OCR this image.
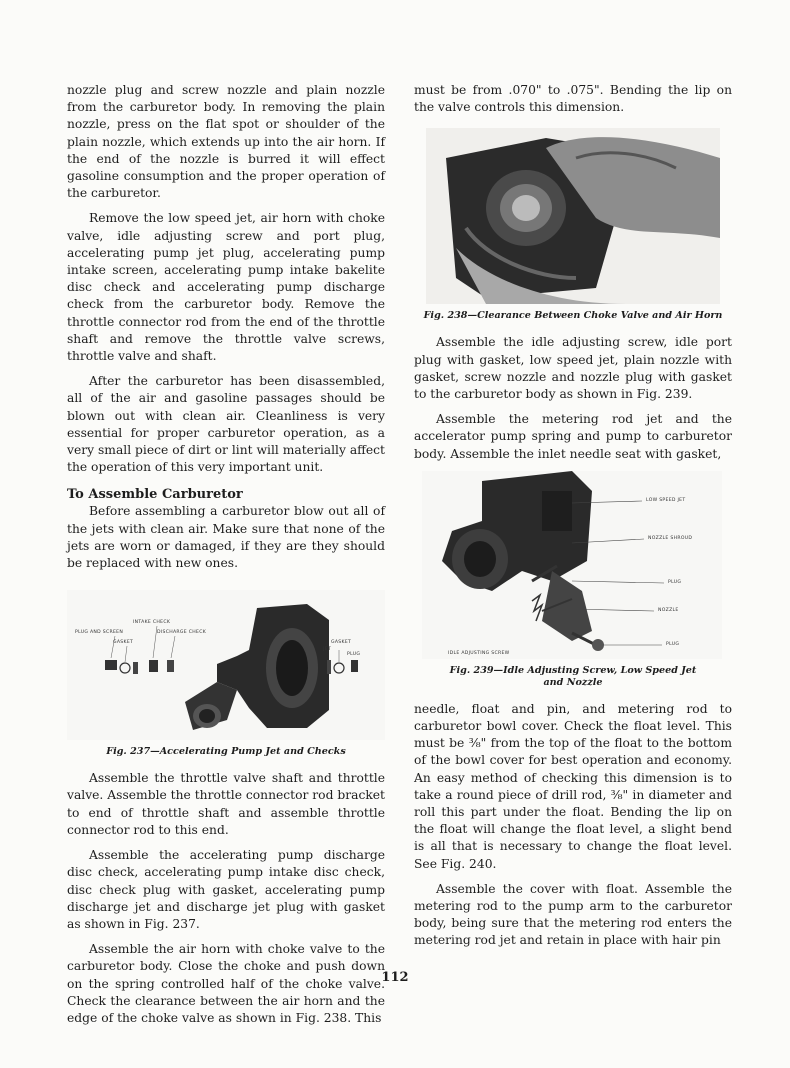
nozzle plug and screw nozzle and plain nozzle from the carburetor body. In removing the plain nozzle, press on the flat spot or shoulder of the plain nozzle, which extends up into the air horn. If the end of the nozzle is burred it will effect gasoline consumption and the proper operation of the carburetor.

Remove the low speed jet, air horn with choke valve, idle adjusting screw and port plug, accelerating pump jet plug, accelerating pump intake screen, accelerating pump intake bakelite disc check and accelerating pump discharge check from the carburetor body. Remove the throttle connector rod from the end of the throttle shaft and remove the throttle valve screws, throttle valve and shaft.

After the carburetor has been disassembled, all of the air and gasoline passages should be blown out with clean air. Cleanliness is very essential for proper carburetor operation, as a very small piece of dirt or lint will materially affect the operation of this very important unit.

To Assemble Carburetor

Before assembling a carburetor blow out all of the jets with clean air. Make sure that none of the jets are worn or damaged, if they are they should be replaced with new ones.

INTAKE CHECK
PLUG AND SCREEN	DISCHARGE CHECK
GASKET	GASKET
JET
PLUG
Fig. 237—Accelerating Pump Jet and Checks

Assemble the throttle valve shaft and throttle valve. Assemble the throttle connector rod bracket to end of throttle shaft and assemble throttle connector rod to this end.

Assemble the accelerating pump discharge disc check, accelerating pump intake disc check, disc check plug with gasket, accelerating pump discharge jet and discharge jet plug with gasket as shown in Fig. 237.

Assemble the air horn with choke valve to the carburetor body. Close the choke and push down on the spring controlled half of the choke valve. Check the clearance between the air horn and the edge of the choke valve as shown in Fig. 238. This

must be from .070" to .075". Bending the lip on the valve controls this dimension.

Fig. 238—Clearance Between Choke Valve and Air Horn

Assemble the idle adjusting screw, idle port plug with gasket, low speed jet, plain nozzle with gasket, screw nozzle and nozzle plug with gasket to the carburetor body as shown in Fig. 239.

Assemble the metering rod jet and the accelerator pump spring and pump to carburetor body. Assemble the inlet needle seat with gasket,

LOW SPEED JET
NOZZLE SHROUD
PLUG
NOZZLE
PLUG
IDLE ADJUSTING SCREW
Fig. 239—Idle Adjusting Screw, Low Speed Jet and Nozzle

needle, float and pin, and metering rod to carburetor bowl cover. Check the float level. This must be ⅜" from the top of the float to the bottom of the bowl cover for best operation and economy. An easy method of checking this dimension is to take a round piece of drill rod, ⅜" in diameter and roll this part under the float. Bending the lip on the float will change the float level, a slight bend is all that is necessary to change the float level. See Fig. 240.

Assemble the cover with float. Assemble the metering rod to the pump arm to the carburetor body, being sure that the metering rod enters the metering rod jet and retain in place with hair pin

112
